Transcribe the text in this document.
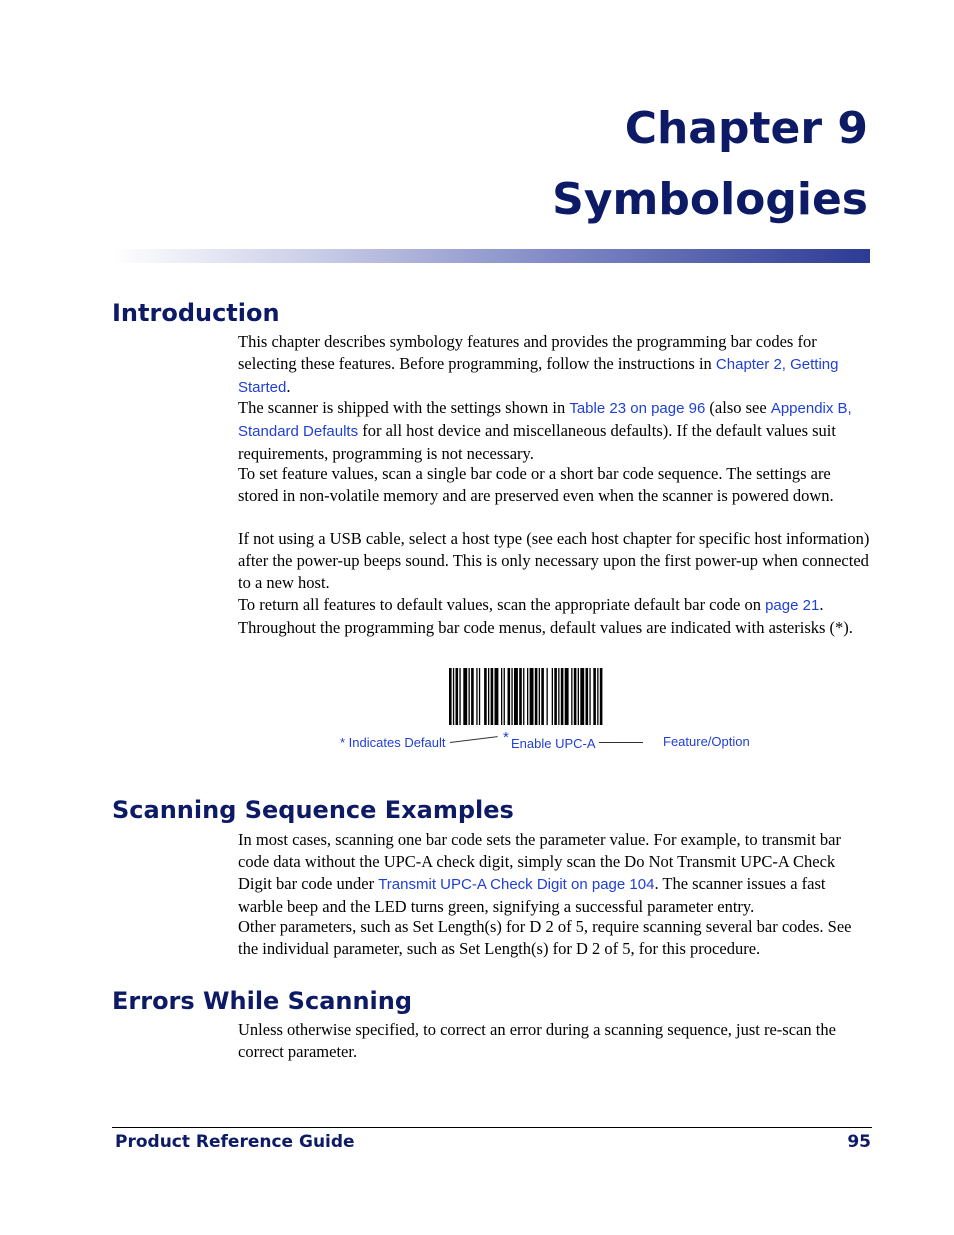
Chapter 9
Symbologies
Introduction

This chapter describes symbology features and provides the programming bar codes for selecting these features. Before programming, follow the instructions in Chapter 2, Getting Started.

The scanner is shipped with the settings shown in Table 23 on page 96 (also see Appendix B, Standard Defaults for all host device and miscellaneous defaults). If the default values suit requirements, programming is not necessary.

To set feature values, scan a single bar code or a short bar code sequence. The settings are stored in non-volatile memory and are preserved even when the scanner is powered down.

If not using a USB cable, select a host type (see each host chapter for specific host information) after the power-up beeps sound. This is only necessary upon the first power-up when connected to a new host.

To return all features to default values, scan the appropriate default bar code on page 21. Throughout the programming bar code menus, default values are indicated with asterisks (*).

* Indicates Default	* Enable UPC-A	Feature/Option
Scanning Sequence Examples

In most cases, scanning one bar code sets the parameter value. For example, to transmit bar code data without the UPC-A check digit, simply scan the Do Not Transmit UPC-A Check Digit bar code under Transmit UPC-A Check Digit on page 104. The scanner issues a fast warble beep and the LED turns green, signifying a successful parameter entry.

Other parameters, such as Set Length(s) for D 2 of 5, require scanning several bar codes. See the individual parameter, such as Set Length(s) for D 2 of 5, for this procedure.

Errors While Scanning

Unless otherwise specified, to correct an error during a scanning sequence, just re-scan the correct parameter.

Product Reference Guide	95
